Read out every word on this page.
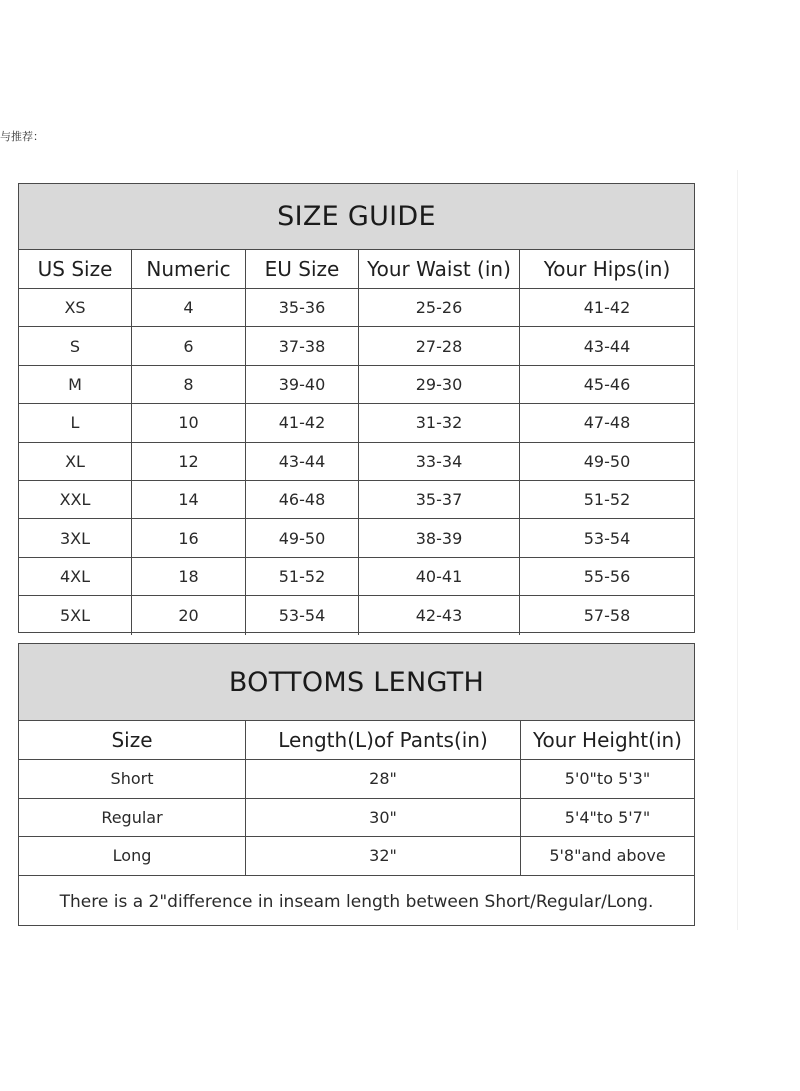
与推荐：
SIZE GUIDE
US Size	Numeric	EU Size	Your Waist (in)	Your Hips(in)
XS	4	35-36	25-26	41-42
S	6	37-38	27-28	43-44
M	8	39-40	29-30	45-46
L	10	41-42	31-32	47-48
XL	12	43-44	33-34	49-50
XXL	14	46-48	35-37	51-52
3XL	16	49-50	38-39	53-54
4XL	18	51-52	40-41	55-56
5XL	20	53-54	42-43	57-58
BOTTOMS LENGTH
Size	Length(L)of Pants(in)	Your Height(in)
Short	28"	5'0"to 5'3"
Regular	30"	5'4"to 5'7"
Long	32"	5'8"and above
There is a 2"difference in inseam length between Short/Regular/Long.
